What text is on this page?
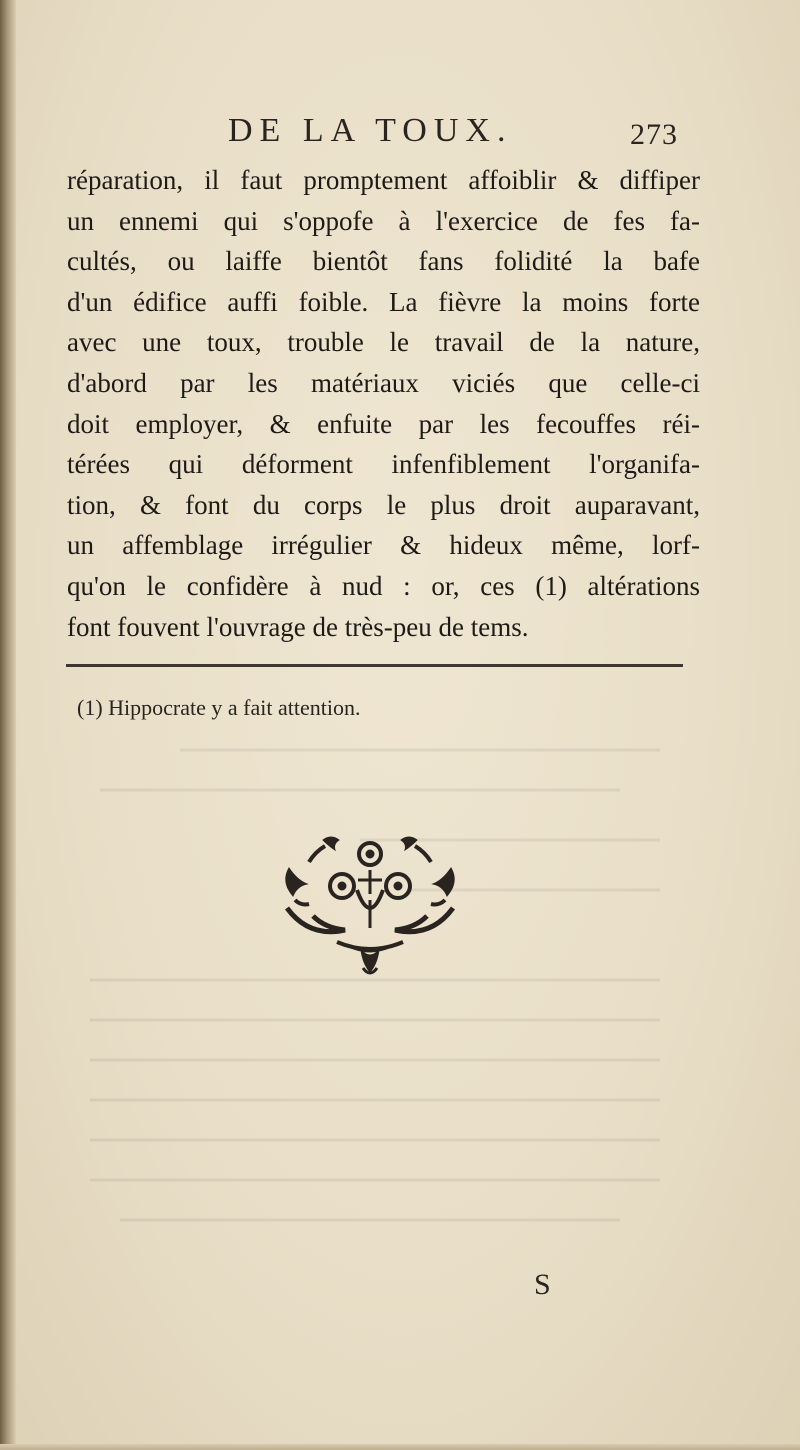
DE LA TOUX.	273
réparation, il faut promptement affoiblir & diffiper
un ennemi qui s'oppofe à l'exercice de fes fa-
cultés, ou laiffe bientôt fans folidité la bafe
d'un édifice auffi foible. La fièvre la moins forte
avec une toux, trouble le travail de la nature,
d'abord par les matériaux viciés que celle-ci
doit employer, & enfuite par les fecouffes réi-
térées qui déforment infenfiblement l'organifa-
tion, & font du corps le plus droit auparavant,
un affemblage irrégulier & hideux même, lorf-
qu'on le confidère à nud : or, ces (1) altérations
font fouvent l'ouvrage de très-peu de tems.
(1) Hippocrate y a fait attention.
S
